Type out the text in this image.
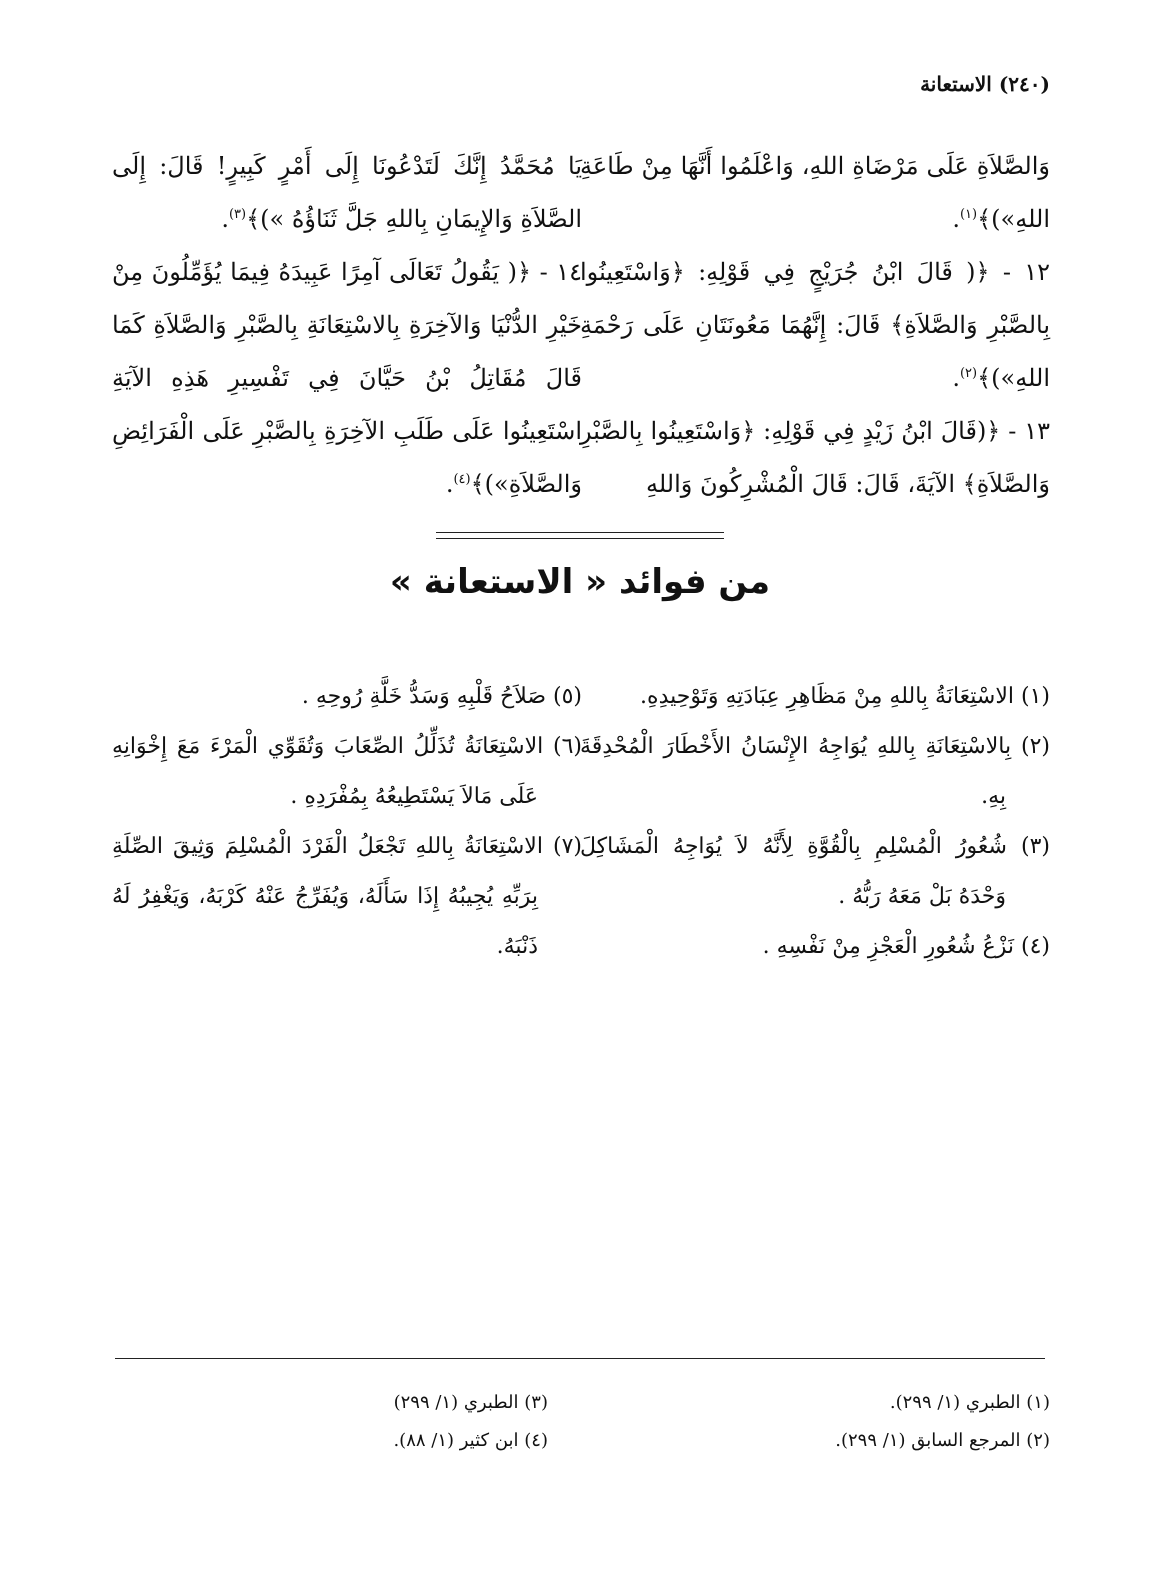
(٢٤٠) الاستعانة

وَالصَّلاَةِ عَلَى مَرْضَاةِ اللهِ، وَاعْلَمُوا أَنَّهَا مِنْ طَاعَةِ اللهِ»)﴾$^{(١)}$.

١٢ - ﴿( قَالَ ابْنُ جُرَيْجٍ فِي قَوْلِهِ: ﴿وَاسْتَعِينُوا بِالصَّبْرِ وَالصَّلاَةِ﴾ قَالَ: إِنَّهُمَا مَعُونَتَانِ عَلَى رَحْمَةِ اللهِ»)﴾$^{(٢)}$.

١٣ - ﴿(قَالَ ابْنُ زَيْدٍ فِي قَوْلِهِ: ﴿وَاسْتَعِينُوا بِالصَّبْرِ وَالصَّلاَةِ﴾ الآيَةَ، قَالَ: قَالَ الْمُشْرِكُونَ وَاللهِ

يَا مُحَمَّدُ إِنَّكَ لَتَدْعُونَا إِلَى أَمْرٍ كَبِيرٍ! قَالَ: إِلَى الصَّلاَةِ وَالإِيمَانِ بِاللهِ جَلَّ ثَنَاؤُهُ »)﴾$^{(٣)}$.

١٤ - ﴿( يَقُولُ تَعَالَى آمِرًا عَبِيدَهُ فِيمَا يُؤَمِّلُونَ مِنْ خَيْرِ الدُّنْيَا وَالآخِرَةِ بِالاسْتِعَانَةِ بِالصَّبْرِ وَالصَّلاَةِ كَمَا قَالَ مُقَاتِلُ بْنُ حَيَّانَ فِي تَفْسِيرِ هَذِهِ الآيَةِ اسْتَعِينُوا عَلَى طَلَبِ الآخِرَةِ بِالصَّبْرِ عَلَى الْفَرَائِضِ وَالصَّلاَةِ»)﴾$^{(٤)}$.

من فوائد « الاستعانة »
(١) الاسْتِعَانَةُ بِاللهِ مِنْ مَظَاهِرِ عِبَادَتِهِ وَتَوْحِيدِهِ.
(٢) بِالاسْتِعَانَةِ بِاللهِ يُوَاجِهُ الإِنْسَانُ الأَخْطَارَ الْمُحْدِقَةَ بِهِ.
(٣) شُعُورُ الْمُسْلِمِ بِالْقُوَّةِ لِأَنَّهُ لاَ يُوَاجِهُ الْمَشَاكِلَ وَحْدَهُ بَلْ مَعَهُ رَبُّهُ .
(٤) نَزْعُ شُعُورِ الْعَجْزِ مِنْ نَفْسِهِ .
(٥) صَلاَحُ قَلْبِهِ وَسَدُّ خَلَّةِ رُوحِهِ .
(٦) الاسْتِعَانَةُ تُذَلِّلُ الصِّعَابَ وَتُقَوِّي الْمَرْءَ مَعَ إِخْوَانِهِ عَلَى مَالاَ يَسْتَطِيعُهُ بِمُفْرَدِهِ .
(٧) الاسْتِعَانَةُ بِاللهِ تَجْعَلُ الْفَرْدَ الْمُسْلِمَ وَثِيقَ الصِّلَةِ بِرَبِّهِ يُجِيبُهُ إِذَا سَأَلَهُ، وَيُفَرِّجُ عَنْهُ كَرْبَهُ، وَيَغْفِرُ لَهُ ذَنْبَهُ.
(١) الطبري (١/ ٢٩٩).
(٢) المرجع السابق (١/ ٢٩٩).
(٣) الطبري (١/ ٢٩٩)
(٤) ابن كثير (١/ ٨٨).
